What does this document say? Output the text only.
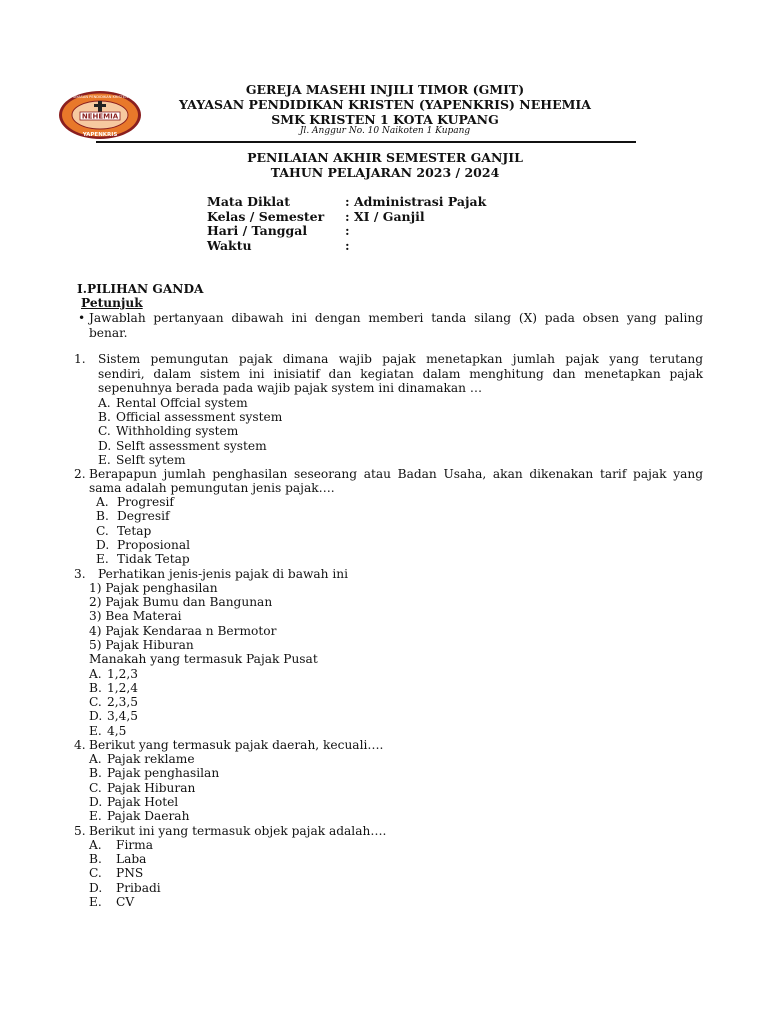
NEHEMIA
YAPENKRIS
YAYASAN PENDIDIKAN KRISTEN	GEREJA MASEHI INJILI TIMOR (GMIT)
YAYASAN PENDIDIKAN KRISTEN (YAPENKRIS) NEHEMIA
SMK KRISTEN 1 KOTA KUPANG
Jl. Anggur No. 10 Naikoten 1 Kupang
PENILAIAN AKHIR SEMESTER GANJIL
TAHUN PELAJARAN 2023 / 2024
Mata Diklat	: Administrasi Pajak
Kelas / Semester : XI / Ganjil
Hari / Tanggal	:
Waktu	:
I.PILIHAN GANDA
Petunjuk
• Jawablah pertanyaan dibawah ini dengan memberi tanda silang (X) pada obsen yang paling
benar.
1. Sistem pemungutan pajak dimana wajib pajak menetapkan jumlah pajak yang terutang
sendiri, dalam sistem ini inisiatif dan kegiatan dalam menghitung dan menetapkan pajak
sepenuhnya berada pada wajib pajak system ini dinamakan …
A. Rental Offcial system
B. Official assessment system
C. Withholding system
D. Selft assessment system
E. Selft sytem
2. Berapapun jumlah penghasilan seseorang atau Badan Usaha, akan dikenakan tarif pajak yang
sama adalah pemungutan jenis pajak….
A. Progresif
B. Degresif
C. Tetap
D. Proposional
E. Tidak Tetap
3. Perhatikan jenis-jenis pajak di bawah ini
1) Pajak penghasilan
2) Pajak Bumu dan Bangunan
3) Bea Materai
4) Pajak Kendaraa n Bermotor
5) Pajak Hiburan
Manakah yang termasuk Pajak Pusat
A. 1,2,3
B. 1,2,4
C. 2,3,5
D. 3,4,5
E. 4,5
4. Berikut yang termasuk pajak daerah, kecuali….
A. Pajak reklame
B. Pajak penghasilan
C. Pajak Hiburan
D. Pajak Hotel
E. Pajak Daerah
5. Berikut ini yang termasuk objek pajak adalah….
A. Firma
B. Laba
C. PNS
D. Pribadi
E. CV
